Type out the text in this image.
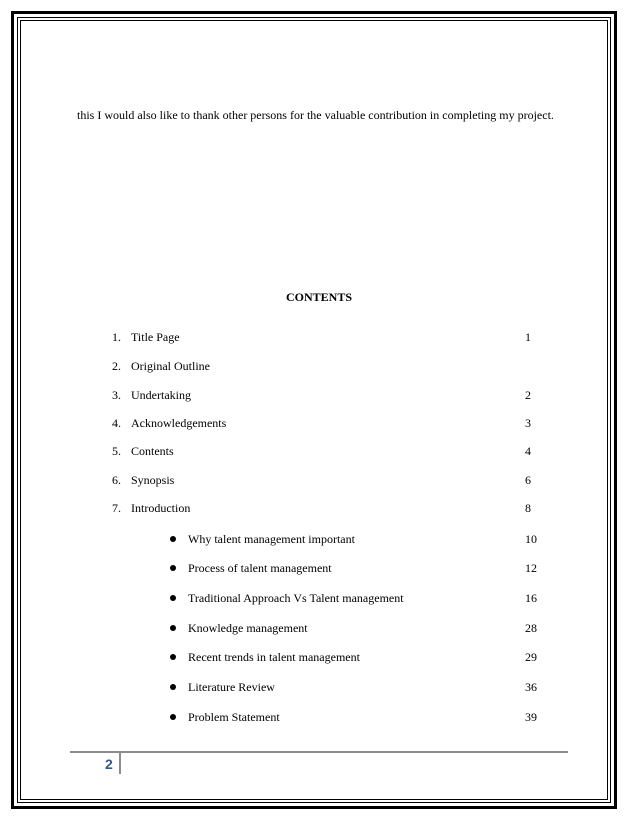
this I would also like to thank other persons for the valuable contribution in completing my project.
CONTENTS
1. Title Page	1
2. Original Outline
3. Undertaking	2
4. Acknowledgements	3
5. Contents	4
6. Synopsis	6
7. Introduction	8
Why talent management important	10
Process of talent management	12
Traditional Approach Vs Talent management	16
Knowledge management	28
Recent trends in talent management	29
Literature Review	36
Problem Statement	39
2
